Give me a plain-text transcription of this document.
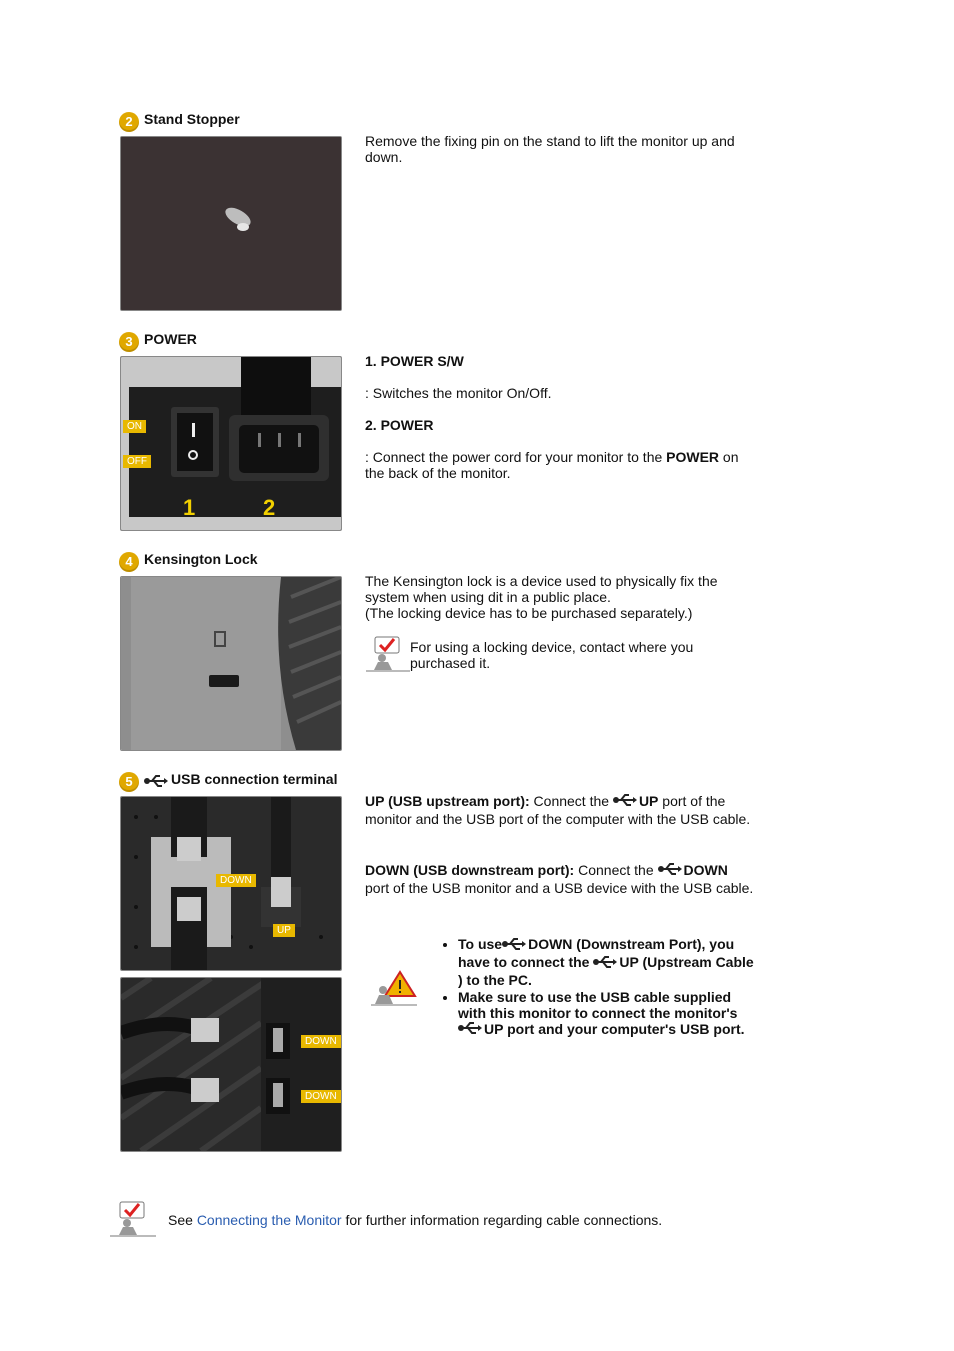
2 Stand Stopper
Remove the fixing pin on the stand to lift the monitor up and down.
3 POWER
ON
OFF
1	2
1. POWER S/W
: Switches the monitor On/Off.
2. POWER
: Connect the power cord for your monitor to the POWER on the back of the monitor.
4 Kensington Lock
The Kensington lock is a device used to physically fix the system when using dit in a public place.
(The locking device has to be purchased separately.)
For using a locking device, contact where you purchased it.
5	USB connection terminal
DOWN
UP
DOWN
DOWN
UP (USB upstream port): Connect the UP port of the monitor and the USB port of the computer with the USB cable.
DOWN (USB downstream port): Connect the DOWN
port of the USB monitor and a USB device with the USB cable.
• To use DOWN (Downstream Port), you have to connect the UP (Upstream Cable ) to the PC.
• Make sure to use the USB cable supplied with this monitor to connect the monitor's UP port and your computer's USB port.
See Connecting the Monitor for further information regarding cable connections.
